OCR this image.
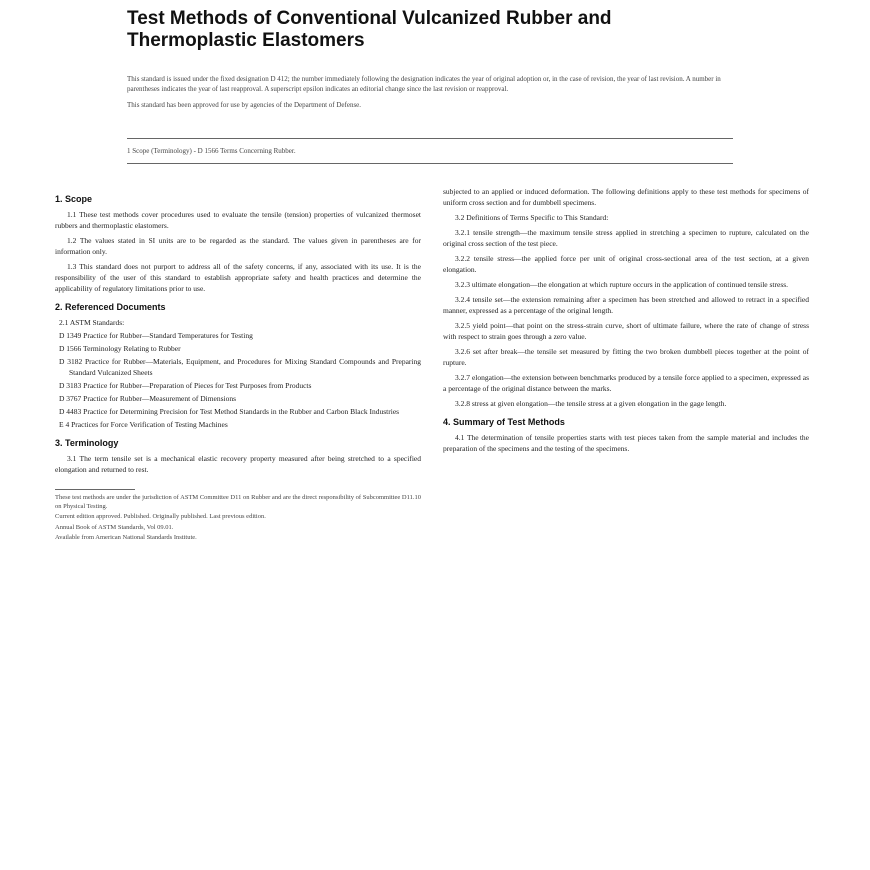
Test Methods of Conventional Vulcanized Rubber and Thermoplastic Elastomers

This standard is issued under the fixed designation D 412; the number immediately following the designation indicates the year of original adoption or, in the case of revision, the year of last revision. A number in parentheses indicates the year of last reapproval. A superscript epsilon indicates an editorial change since the last revision or reapproval.

This standard has been approved for use by agencies of the Department of Defense.

1 Scope (Terminology) - D 1566 Terms Concerning Rubber.
1. Scope

1.1 These test methods cover procedures used to evaluate the tensile (tension) properties of vulcanized thermoset rubbers and thermoplastic elastomers.

1.2 The values stated in SI units are to be regarded as the standard. The values given in parentheses are for information only.

1.3 This standard does not purport to address all of the safety concerns, if any, associated with its use. It is the responsibility of the user of this standard to establish appropriate safety and health practices and determine the applicability of regulatory limitations prior to use.

2. Referenced Documents

2.1 ASTM Standards:

D 1349 Practice for Rubber—Standard Temperatures for Testing

D 1566 Terminology Relating to Rubber

D 3182 Practice for Rubber—Materials, Equipment, and Procedures for Mixing Standard Compounds and Preparing Standard Vulcanized Sheets

D 3183 Practice for Rubber—Preparation of Pieces for Test Purposes from Products

D 3767 Practice for Rubber—Measurement of Dimensions

D 4483 Practice for Determining Precision for Test Method Standards in the Rubber and Carbon Black Industries

E 4 Practices for Force Verification of Testing Machines

3. Terminology

3.1 The term tensile set is a mechanical elastic recovery property measured after being stretched to a specified elongation and returned to rest.

These test methods are under the jurisdiction of ASTM Committee D11 on Rubber and are the direct responsibility of Subcommittee D11.10 on Physical Testing.

Current edition approved. Published. Originally published. Last previous edition.

Annual Book of ASTM Standards, Vol 09.01.

Available from American National Standards Institute.

subjected to an applied or induced deformation. The following definitions apply to these test methods for specimens of uniform cross section and for dumbbell specimens.

3.2 Definitions of Terms Specific to This Standard:

3.2.1 tensile strength—the maximum tensile stress applied in stretching a specimen to rupture, calculated on the original cross section of the test piece.

3.2.2 tensile stress—the applied force per unit of original cross-sectional area of the test section, at a given elongation.

3.2.3 ultimate elongation—the elongation at which rupture occurs in the application of continued tensile stress.

3.2.4 tensile set—the extension remaining after a specimen has been stretched and allowed to retract in a specified manner, expressed as a percentage of the original length.

3.2.5 yield point—that point on the stress-strain curve, short of ultimate failure, where the rate of change of stress with respect to strain goes through a zero value.

3.2.6 set after break—the tensile set measured by fitting the two broken dumbbell pieces together at the point of rupture.

3.2.7 elongation—the extension between benchmarks produced by a tensile force applied to a specimen, expressed as a percentage of the original distance between the marks.

3.2.8 stress at given elongation—the tensile stress at a given elongation in the gage length.

4. Summary of Test Methods

4.1 The determination of tensile properties starts with test pieces taken from the sample material and includes the preparation of the specimens and the testing of the specimens.
